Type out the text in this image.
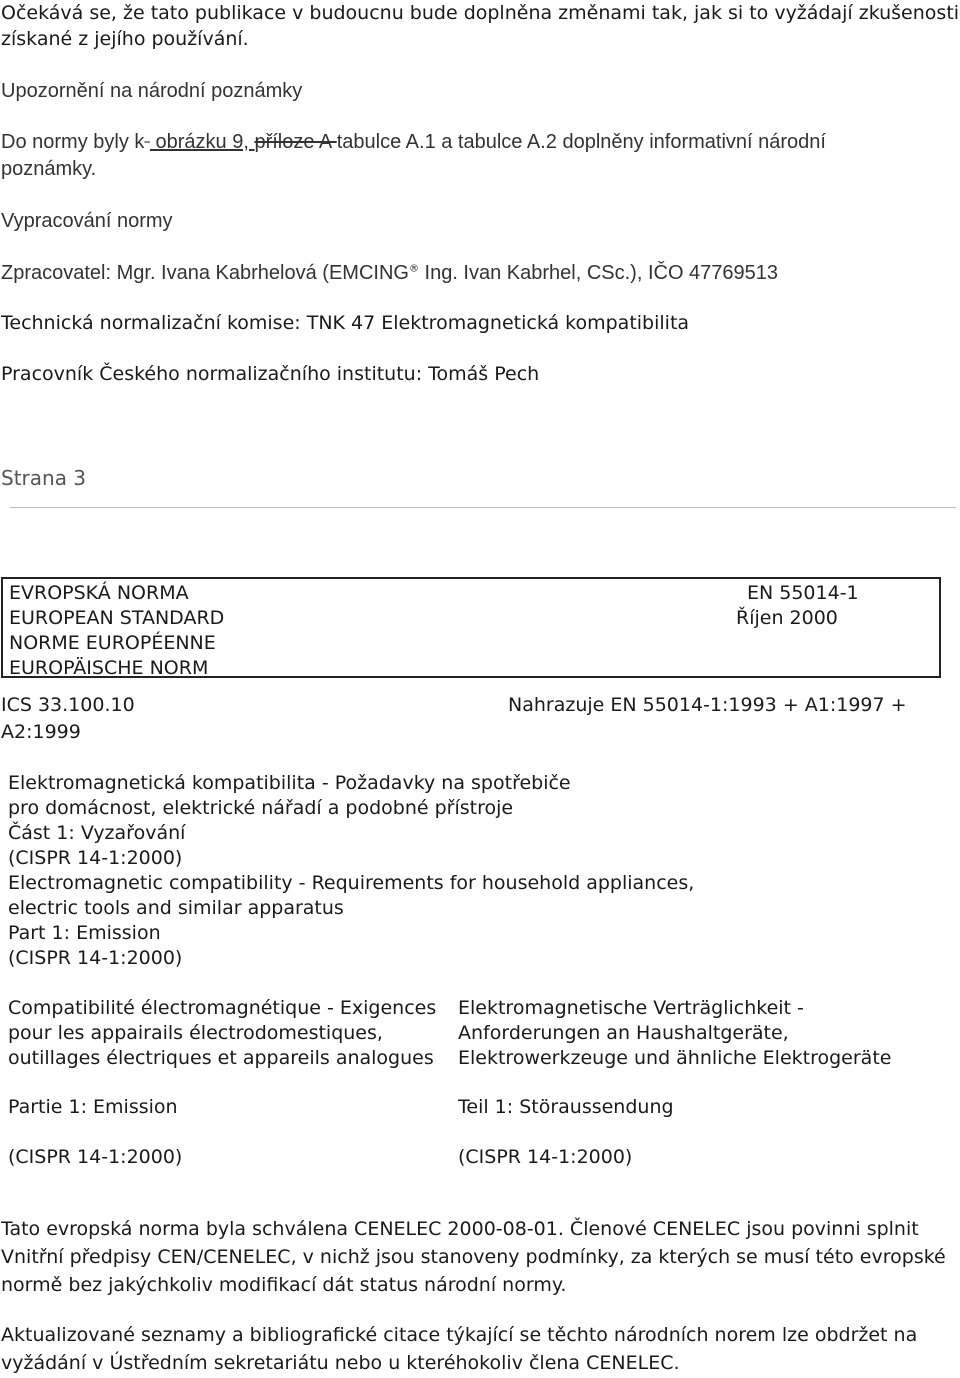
Očekává se, že tato publikace v budoucnu bude doplněna změnami tak, jak si to vyžádají zkušenosti
získané z jejího používání.
Upozornění na národní poznámky
Do normy byly k  obrázku 9, příloze A tabulce A.1 a tabulce A.2 doplněny informativní národní
poznámky.
Vypracování normy
Zpracovatel: Mgr. Ivana Kabrhelová (EMCING® Ing. Ivan Kabrhel, CSc.), IČO 47769513
Technická normalizační komise: TNK 47 Elektromagnetická kompatibilita
Pracovník Českého normalizačního institutu: Tomáš Pech
Strana 3
EVROPSKÁ NORMA
EUROPEAN STANDARD
NORME EUROPÉENNE
EUROPÄISCHE NORM
EN 55014-1
Říjen 2000
ICS 33.100.10	Nahrazuje EN 55014-1:1993 + A1:1997 +
A2:1999
Elektromagnetická kompatibilita - Požadavky na spotřebiče
pro domácnost, elektrické nářadí a podobné přístroje
Část 1: Vyzařování
(CISPR 14-1:2000)
Electromagnetic compatibility - Requirements for household appliances,
electric tools and similar apparatus
Part 1: Emission
(CISPR 14-1:2000)
Compatibilité électromagnétique - Exigences
pour les appairails électrodomestiques,
outillages électriques et appareils analogues
Partie 1: Emission
(CISPR 14-1:2000)
Elektromagnetische Verträglichkeit -
Anforderungen an Haushaltgeräte,
Elektrowerkzeuge und ähnliche Elektrogeräte
Teil 1: Störaussendung
(CISPR 14-1:2000)
Tato evropská norma byla schválena CENELEC 2000-08-01. Členové CENELEC jsou povinni splnit
Vnitřní předpisy CEN/CENELEC, v nichž jsou stanoveny podmínky, za kterých se musí této evropské
normě bez jakýchkoliv modifikací dát status národní normy.
Aktualizované seznamy a bibliografické citace týkající se těchto národních norem lze obdržet na
vyžádání v Ústředním sekretariátu nebo u kteréhokoliv člena CENELEC.
